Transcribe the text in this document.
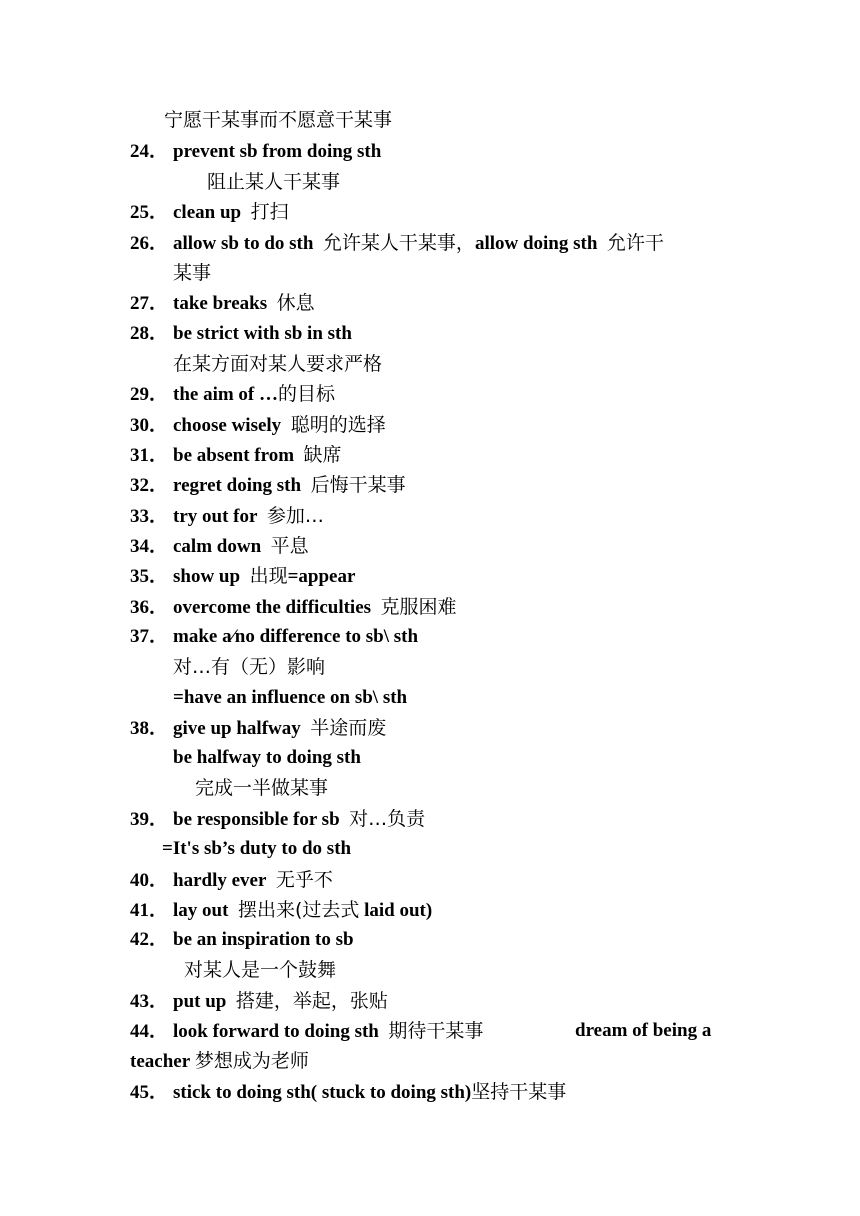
宁愿干某事而不愿意干某事
24． prevent sb from doing sth
阻止某人干某事
25． clean up 打扫
26． allow sb to do sth 允许某人干某事，allow doing sth 允许干
某事
27． take breaks 休息
28． be strict with sb in sth
在某方面对某人要求严格
29． the aim of …的目标
30． choose wisely 聪明的选择
31． be absent from 缺席
32． regret doing sth 后悔干某事
33． try out for 参加…
34． calm down 平息
35． show up 出现=appear
36． overcome the difficulties 克服困难
37． make a⁄no difference to sb\ sth
对…有（无）影响
=have an influence on sb\ sth
38． give up halfway 半途而废
be halfway to doing sth
完成一半做某事
39． be responsible for sb 对…负责
=It's sb’s duty to do sth
40． hardly ever 无乎不
41． lay out 摆出来(过去式 laid out)
42． be an inspiration to sb
对某人是一个鼓舞
43． put up 搭建，举起，张贴
44． look forward to doing sth 期待干某事	dream of being a
teacher 梦想成为老师
45． stick to doing sth( stuck to doing sth)坚持干某事
